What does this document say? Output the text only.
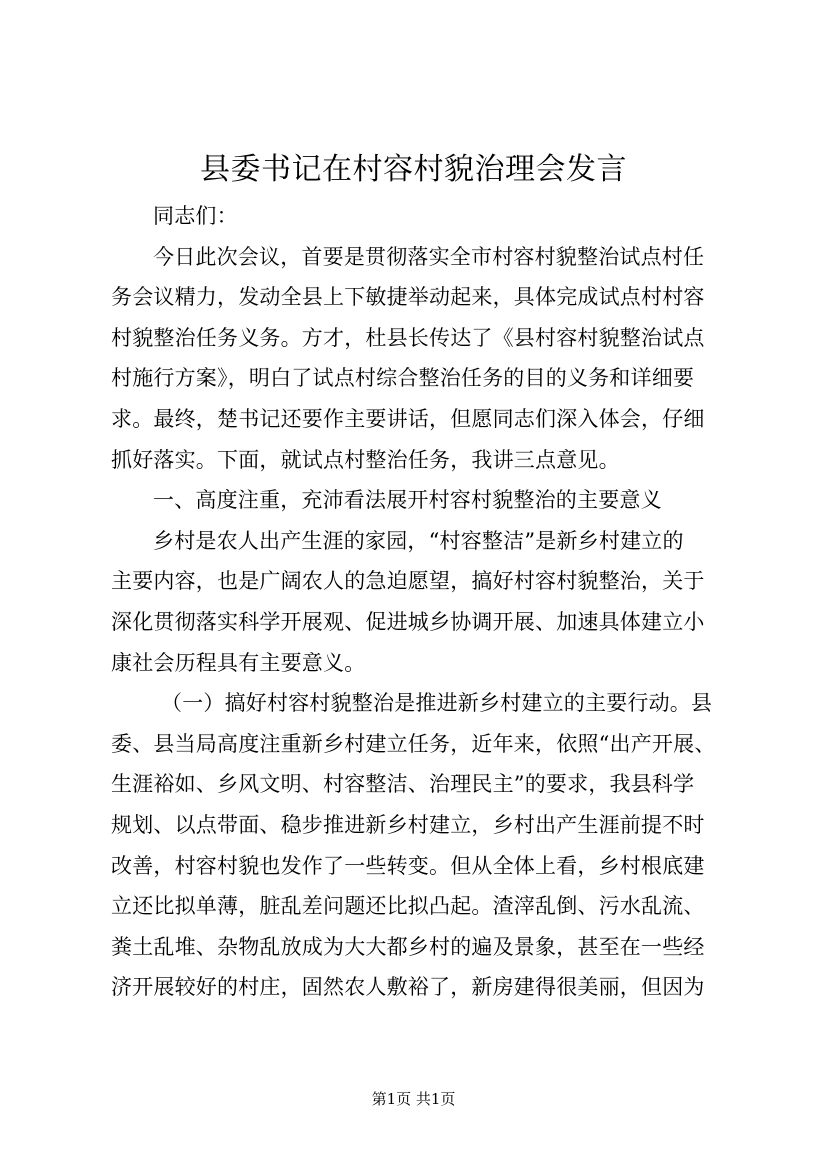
县委书记在村容村貌治理会发言
同志们：
今日此次会议，首要是贯彻落实全市村容村貌整治试点村任
务会议精力，发动全县上下敏捷举动起来，具体完成试点村村容
村貌整治任务义务。方才，杜县长传达了《县村容村貌整治试点
村施行方案》，明白了试点村综合整治任务的目的义务和详细要
求。最终，楚书记还要作主要讲话，但愿同志们深入体会，仔细
抓好落实。下面，就试点村整治任务，我讲三点意见。
一、高度注重，充沛看法展开村容村貌整治的主要意义
乡村是农人出产生涯的家园，“村容整洁”是新乡村建立的
主要内容，也是广阔农人的急迫愿望，搞好村容村貌整治，关于
深化贯彻落实科学开展观、促进城乡协调开展、加速具体建立小
康社会历程具有主要意义。
（一）搞好村容村貌整治是推进新乡村建立的主要行动。县
委、县当局高度注重新乡村建立任务，近年来，依照“出产开展、
生涯裕如、乡风文明、村容整洁、治理民主”的要求，我县科学
规划、以点带面、稳步推进新乡村建立，乡村出产生涯前提不时
改善，村容村貌也发作了一些转变。但从全体上看，乡村根底建
立还比拟单薄，脏乱差问题还比拟凸起。渣滓乱倒、污水乱流、
粪土乱堆、杂物乱放成为大大都乡村的遍及景象，甚至在一些经
济开展较好的村庄，固然农人敷裕了，新房建得很美丽，但因为
第1页 共1页
